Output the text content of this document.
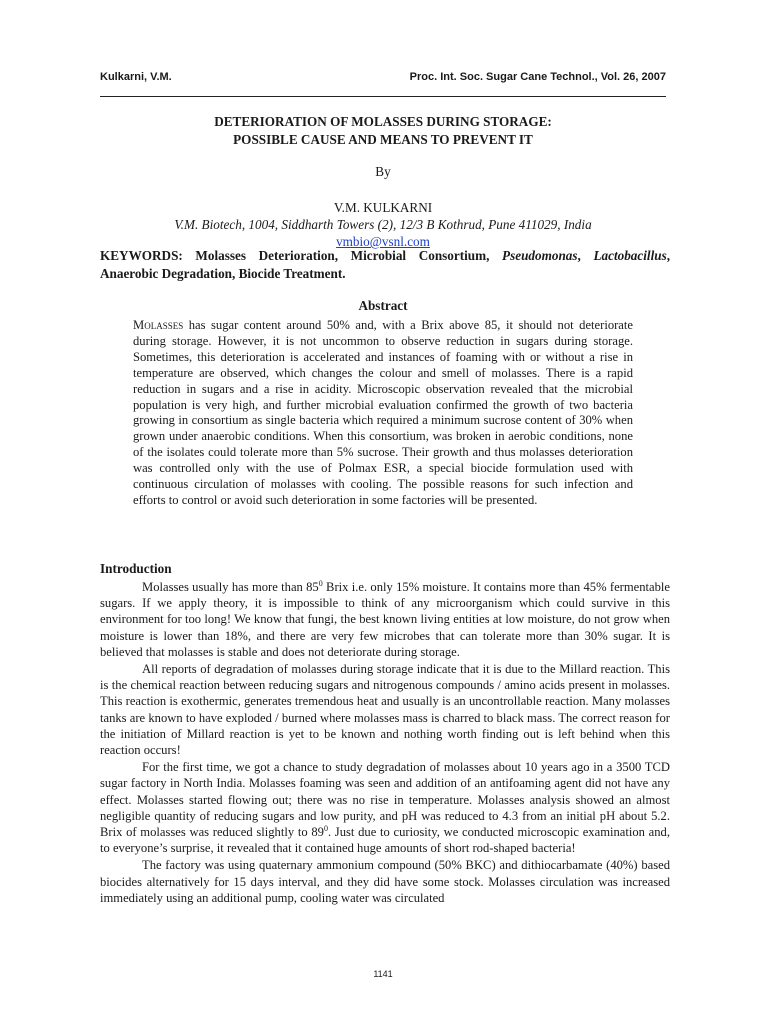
Kulkarni, V.M.	Proc. Int. Soc. Sugar Cane Technol., Vol. 26, 2007
DETERIORATION OF MOLASSES DURING STORAGE:
POSSIBLE CAUSE AND MEANS TO PREVENT IT
By
V.M. KULKARNI
V.M. Biotech, 1004, Siddharth Towers (2), 12/3 B Kothrud, Pune 411029, India
vmbio@vsnl.com
KEYWORDS: Molasses Deterioration, Microbial Consortium, Pseudomonas, Lactobacillus, Anaerobic Degradation, Biocide Treatment.
Abstract
Molasses has sugar content around 50% and, with a Brix above 85, it should not deteriorate during storage. However, it is not uncommon to observe reduction in sugars during storage. Sometimes, this deterioration is accelerated and instances of foaming with or without a rise in temperature are observed, which changes the colour and smell of molasses. There is a rapid reduction in sugars and a rise in acidity. Microscopic observation revealed that the microbial population is very high, and further microbial evaluation confirmed the growth of two bacteria growing in consortium as single bacteria which required a minimum sucrose content of 30% when grown under anaerobic conditions. When this consortium, was broken in aerobic conditions, none of the isolates could tolerate more than 5% sucrose. Their growth and thus molasses deterioration was controlled only with the use of Polmax ESR, a special biocide formulation used with continuous circulation of molasses with cooling. The possible reasons for such infection and efforts to control or avoid such deterioration in some factories will be presented.
Introduction

Molasses usually has more than $85^0$ Brix i.e. only 15% moisture. It contains more than 45% fermentable sugars. If we apply theory, it is impossible to think of any microorganism which could survive in this environment for too long! We know that fungi, the best known living entities at low moisture, do not grow when moisture is lower than 18%, and there are very few microbes that can tolerate more than 30% sugar. It is believed that molasses is stable and does not deteriorate during storage.

All reports of degradation of molasses during storage indicate that it is due to the Millard reaction. This is the chemical reaction between reducing sugars and nitrogenous compounds / amino acids present in molasses. This reaction is exothermic, generates tremendous heat and usually is an uncontrollable reaction. Many molasses tanks are known to have exploded / burned where molasses mass is charred to black mass. The correct reason for the initiation of Millard reaction is yet to be known and nothing worth finding out is left behind when this reaction occurs!

For the first time, we got a chance to study degradation of molasses about 10 years ago in a 3500 TCD sugar factory in North India. Molasses foaming was seen and addition of an antifoaming agent did not have any effect. Molasses started flowing out; there was no rise in temperature. Molasses analysis showed an almost negligible quantity of reducing sugars and low purity, and pH was reduced to 4.3 from an initial pH about 5.2. Brix of molasses was reduced slightly to $89^0$. Just due to curiosity, we conducted microscopic examination and, to everyone’s surprise, it revealed that it contained huge amounts of short rod-shaped bacteria!

The factory was using quaternary ammonium compound (50% BKC) and dithiocarbamate (40%) based biocides alternatively for 15 days interval, and they did have some stock. Molasses circulation was increased immediately using an additional pump, cooling water was circulated

1141
